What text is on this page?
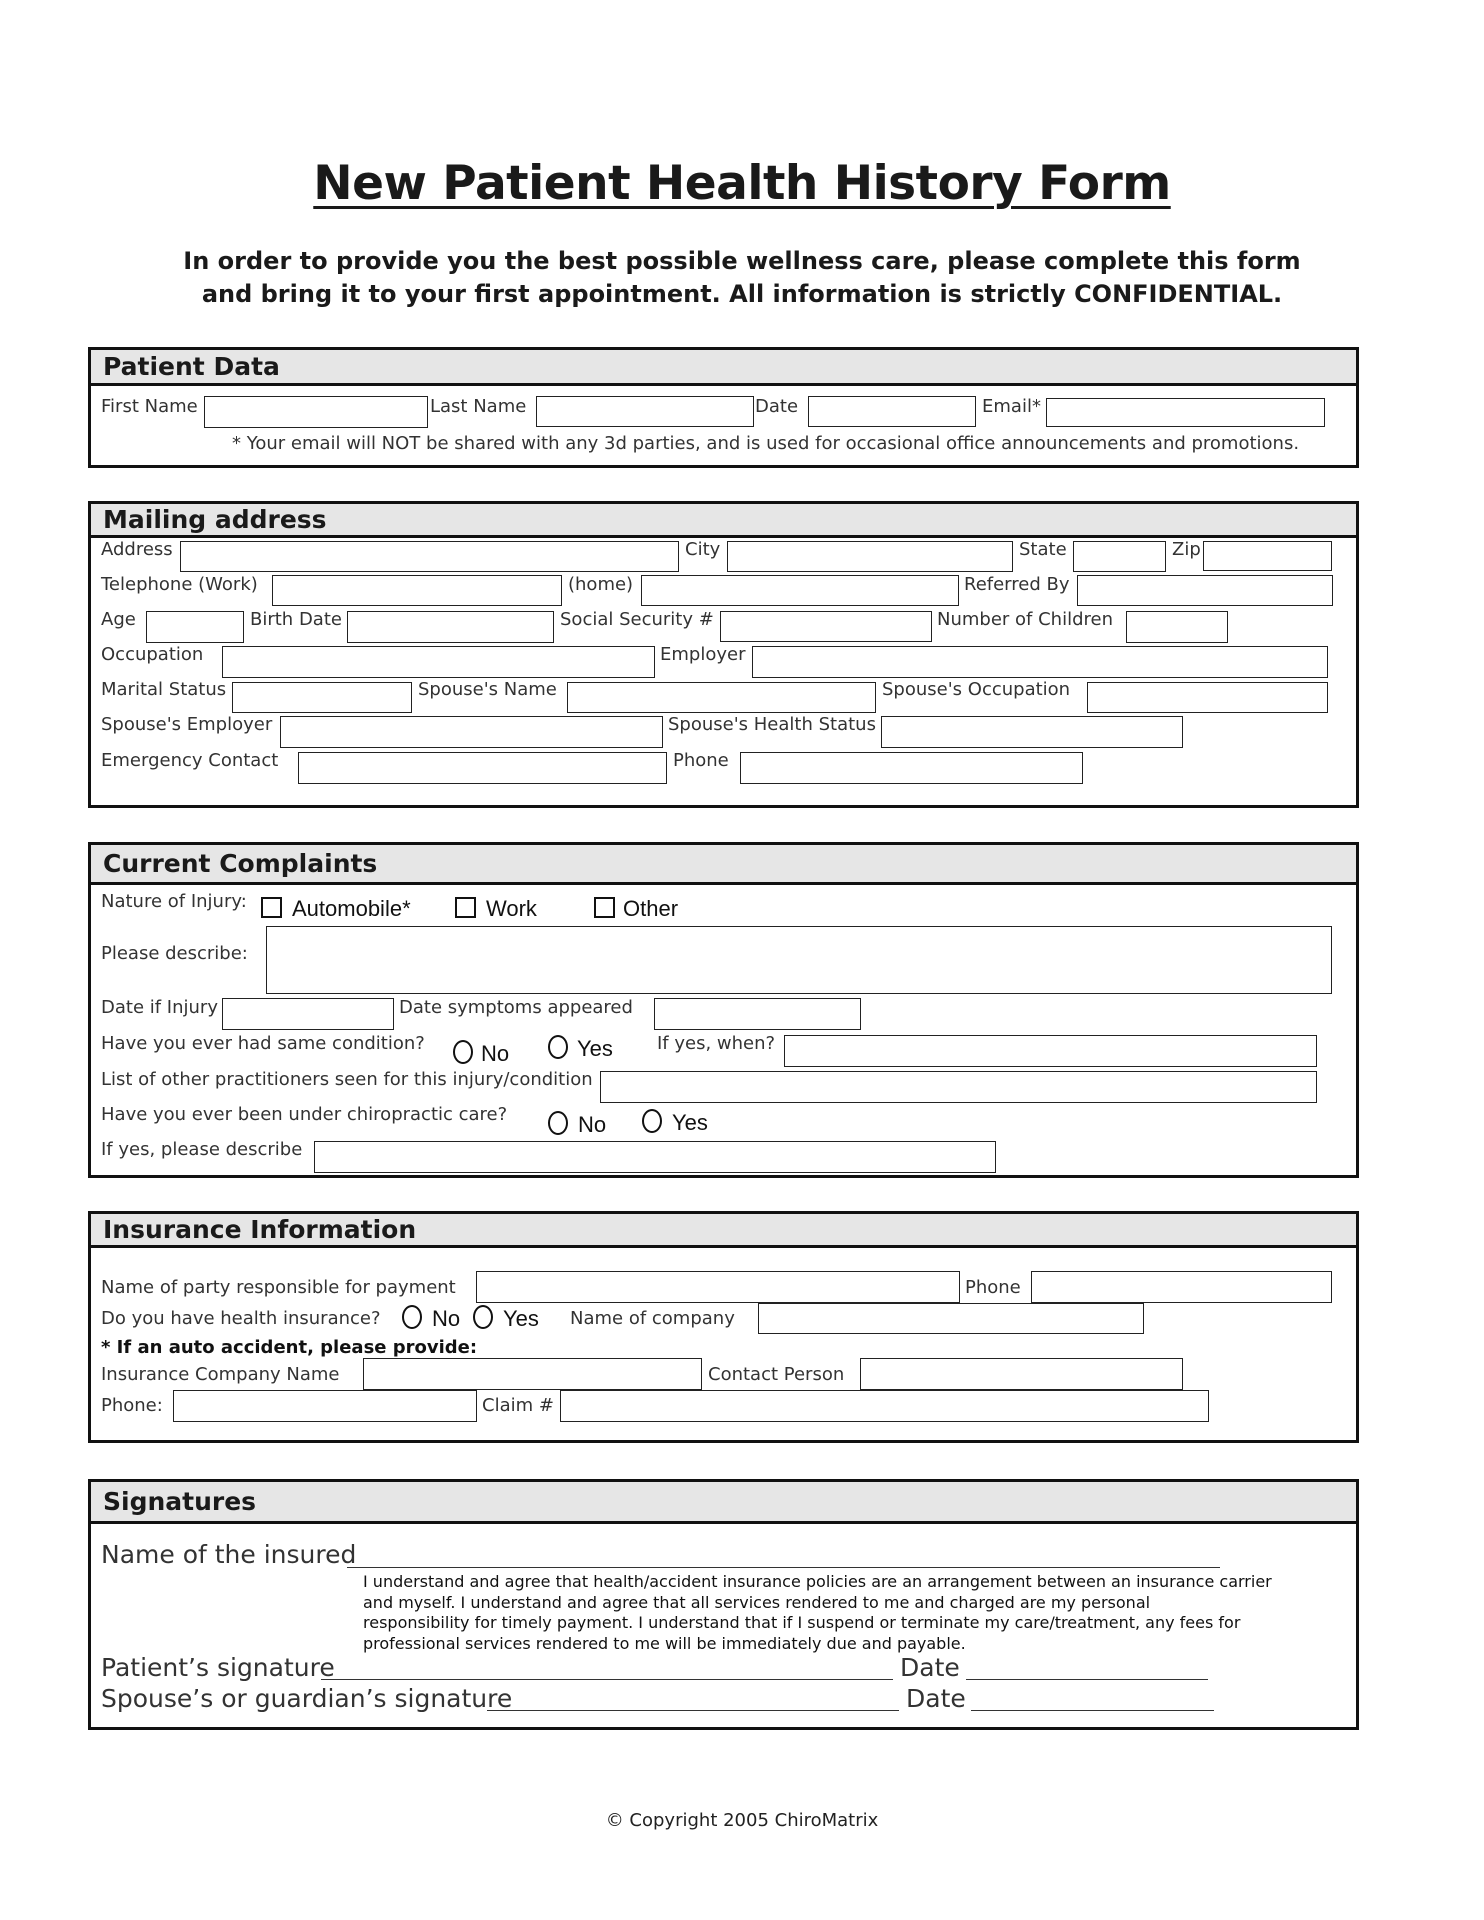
New Patient Health History Form
In order to provide you the best possible wellness care, please complete this form
and bring it to your first appointment. All information is strictly CONFIDENTIAL.
Patient Data
First Name	Last Name	Date	Email*
* Your email will NOT be shared with any 3d parties, and is used for occasional office announcements and promotions.
Mailing address
Address	City	State	Zip
Telephone (Work)	(home)	Referred By
Age	Birth Date	Social Security #	Number of Children
Occupation	Employer
Marital Status	Spouse's Name	Spouse's Occupation
Spouse's Employer	Spouse's Health Status
Emergency Contact	Phone
Current Complaints
Nature of Injury: Automobile*	Work	Other
Please describe:
Date if Injury	Date symptoms appeared
Have you ever had same condition?	No	Yes If yes, when?
List of other practitioners seen for this injury/condition
Have you ever been under chiropractic care?	No	Yes
If yes, please describe
Insurance Information
Name of party responsible for payment	Phone
Do you have health insurance? No Yes Name of company
* If an auto accident, please provide:
Insurance Company Name	Contact Person
Phone:	Claim #
Signatures
Name of the insured
I understand and agree that health/accident insurance policies are an arrangement between an insurance carrier
and myself. I understand and agree that all services rendered to me and charged are my personal
responsibility for timely payment. I understand that if I suspend or terminate my care/treatment, any fees for
professional services rendered to me will be immediately due and payable.
Patient’s signature	Date
Spouse’s or guardian’s signature	Date
© Copyright 2005 ChiroMatrix
